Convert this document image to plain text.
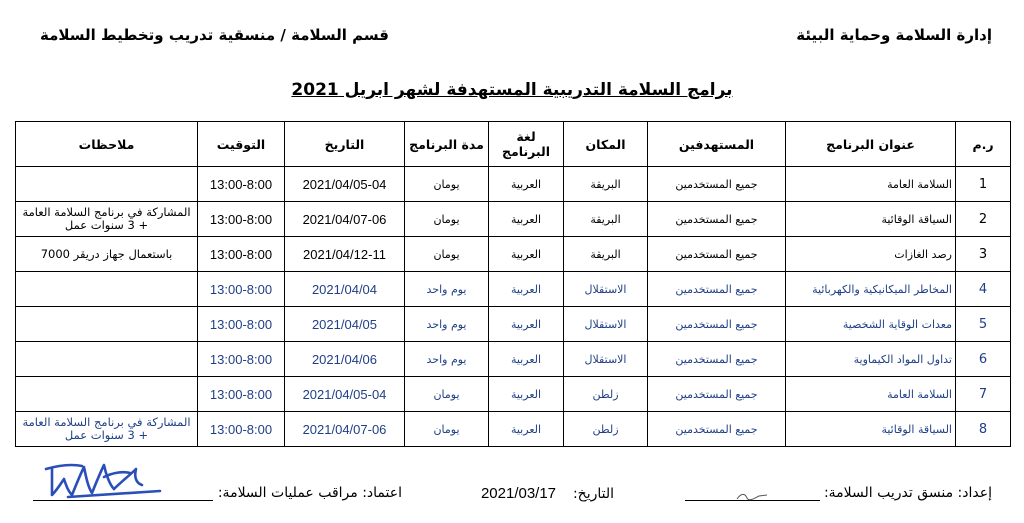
إدارة السلامة وحماية البيئة
قسم السلامة / منسقية تدريب وتخطيط السلامة
برامج السلامة التدريبية المستهدفة لشهر ابريل 2021
ر.م	عنوان البرنامج	المستهدفين	المكان	لغة البرنامج	مدة البرنامج	التاريخ	التوقيت	ملاحظات
1	السلامة العامة	جميع المستخدمين	البريقة	العربية	يومان	2021/04/05-04	13:00-8:00	
2	السياقة الوقائية	جميع المستخدمين	البريقة	العربية	يومان	2021/04/07-06	13:00-8:00	المشاركة في برنامج السلامة العامة + 3 سنوات عمل
3	رصد الغازات	جميع المستخدمين	البريقة	العربية	يومان	2021/04/12-11	13:00-8:00	باستعمال جهاز دريقر 7000
4	المخاطر الميكانيكية والكهربائية	جميع المستخدمين	الاستقلال	العربية	يوم واحد	2021/04/04	13:00-8:00	
5	معدات الوقاية الشخصية	جميع المستخدمين	الاستقلال	العربية	يوم واحد	2021/04/05	13:00-8:00	
6	تداول المواد الكيماوية	جميع المستخدمين	الاستقلال	العربية	يوم واحد	2021/04/06	13:00-8:00	
7	السلامة العامة	جميع المستخدمين	زلطن	العربية	يومان	2021/04/05-04	13:00-8:00	
8	السياقة الوقائية	جميع المستخدمين	زلطن	العربية	يومان	2021/04/07-06	13:00-8:00	المشاركة في برنامج السلامة العامة + 3 سنوات عمل
إعداد: منسق تدريب السلامة:
التاريخ:  2021/03/17
اعتماد: مراقب عمليات السلامة:
